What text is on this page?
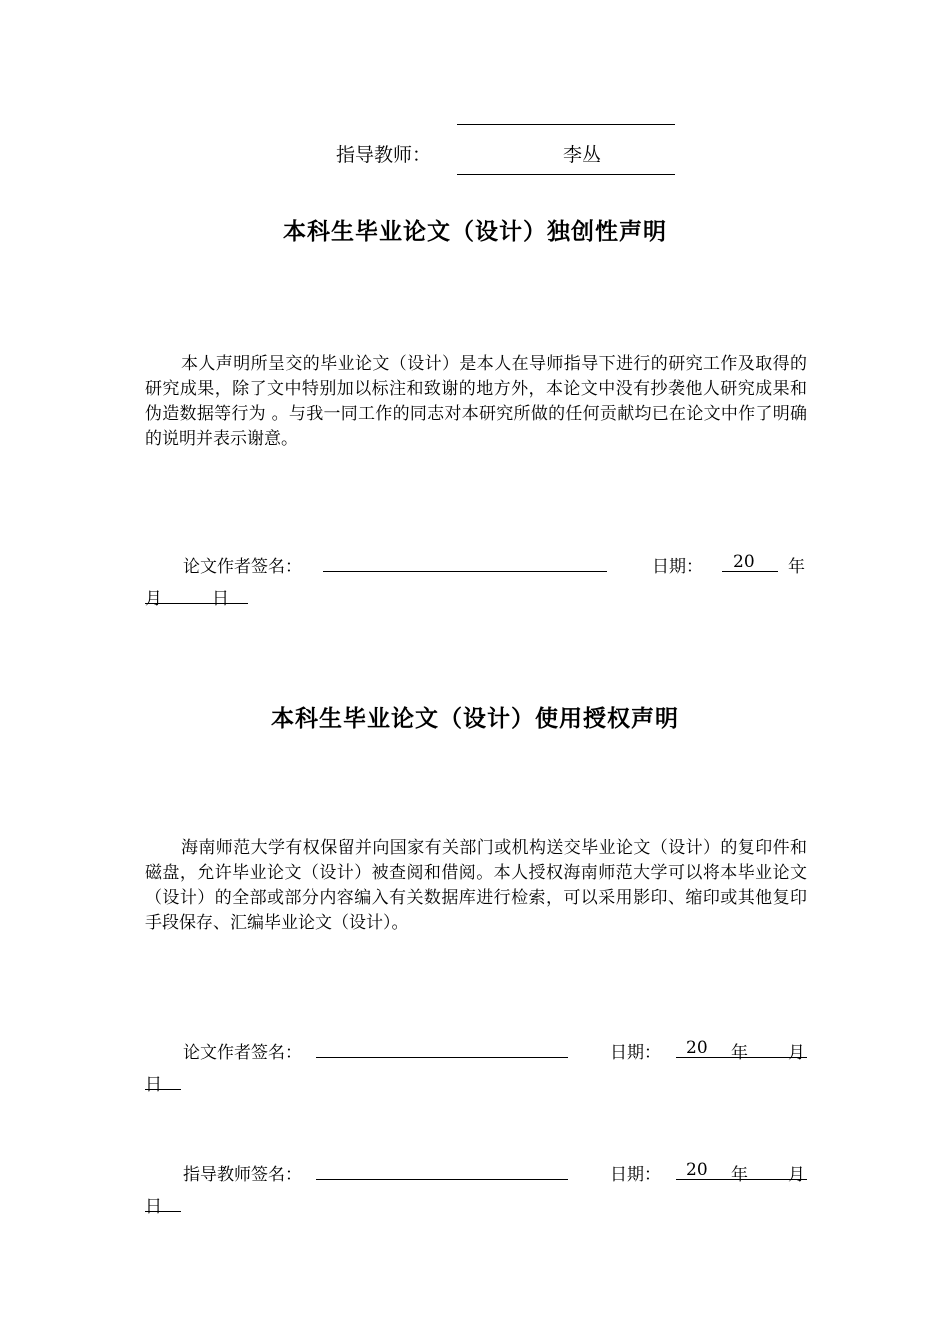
指导教师：	李丛
本科生毕业论文（设计）独创性声明
本人声明所呈交的毕业论文（设计）是本人在导师指导下进行的研究工作及取得的研究成果，除了文中特别加以标注和致谢的地方外，本论文中没有抄袭他人研究成果和伪造数据等行为 。与我一同工作的同志对本研究所做的任何贡献均已在论文中作了明确的说明并表示谢意。
论文作者签名：	日期： 20 年
月	日
本科生毕业论文（设计）使用授权声明
海南师范大学有权保留并向国家有关部门或机构送交毕业论文（设计）的复印件和磁盘，允许毕业论文（设计）被查阅和借阅。本人授权海南师范大学可以将本毕业论文（设计）的全部或部分内容编入有关数据库进行检索，可以采用影印、缩印或其他复印手段保存、汇编毕业论文（设计）。
论文作者签名：	日期： 20 年 月
日
指导教师签名：	日期： 20 年 月
日
